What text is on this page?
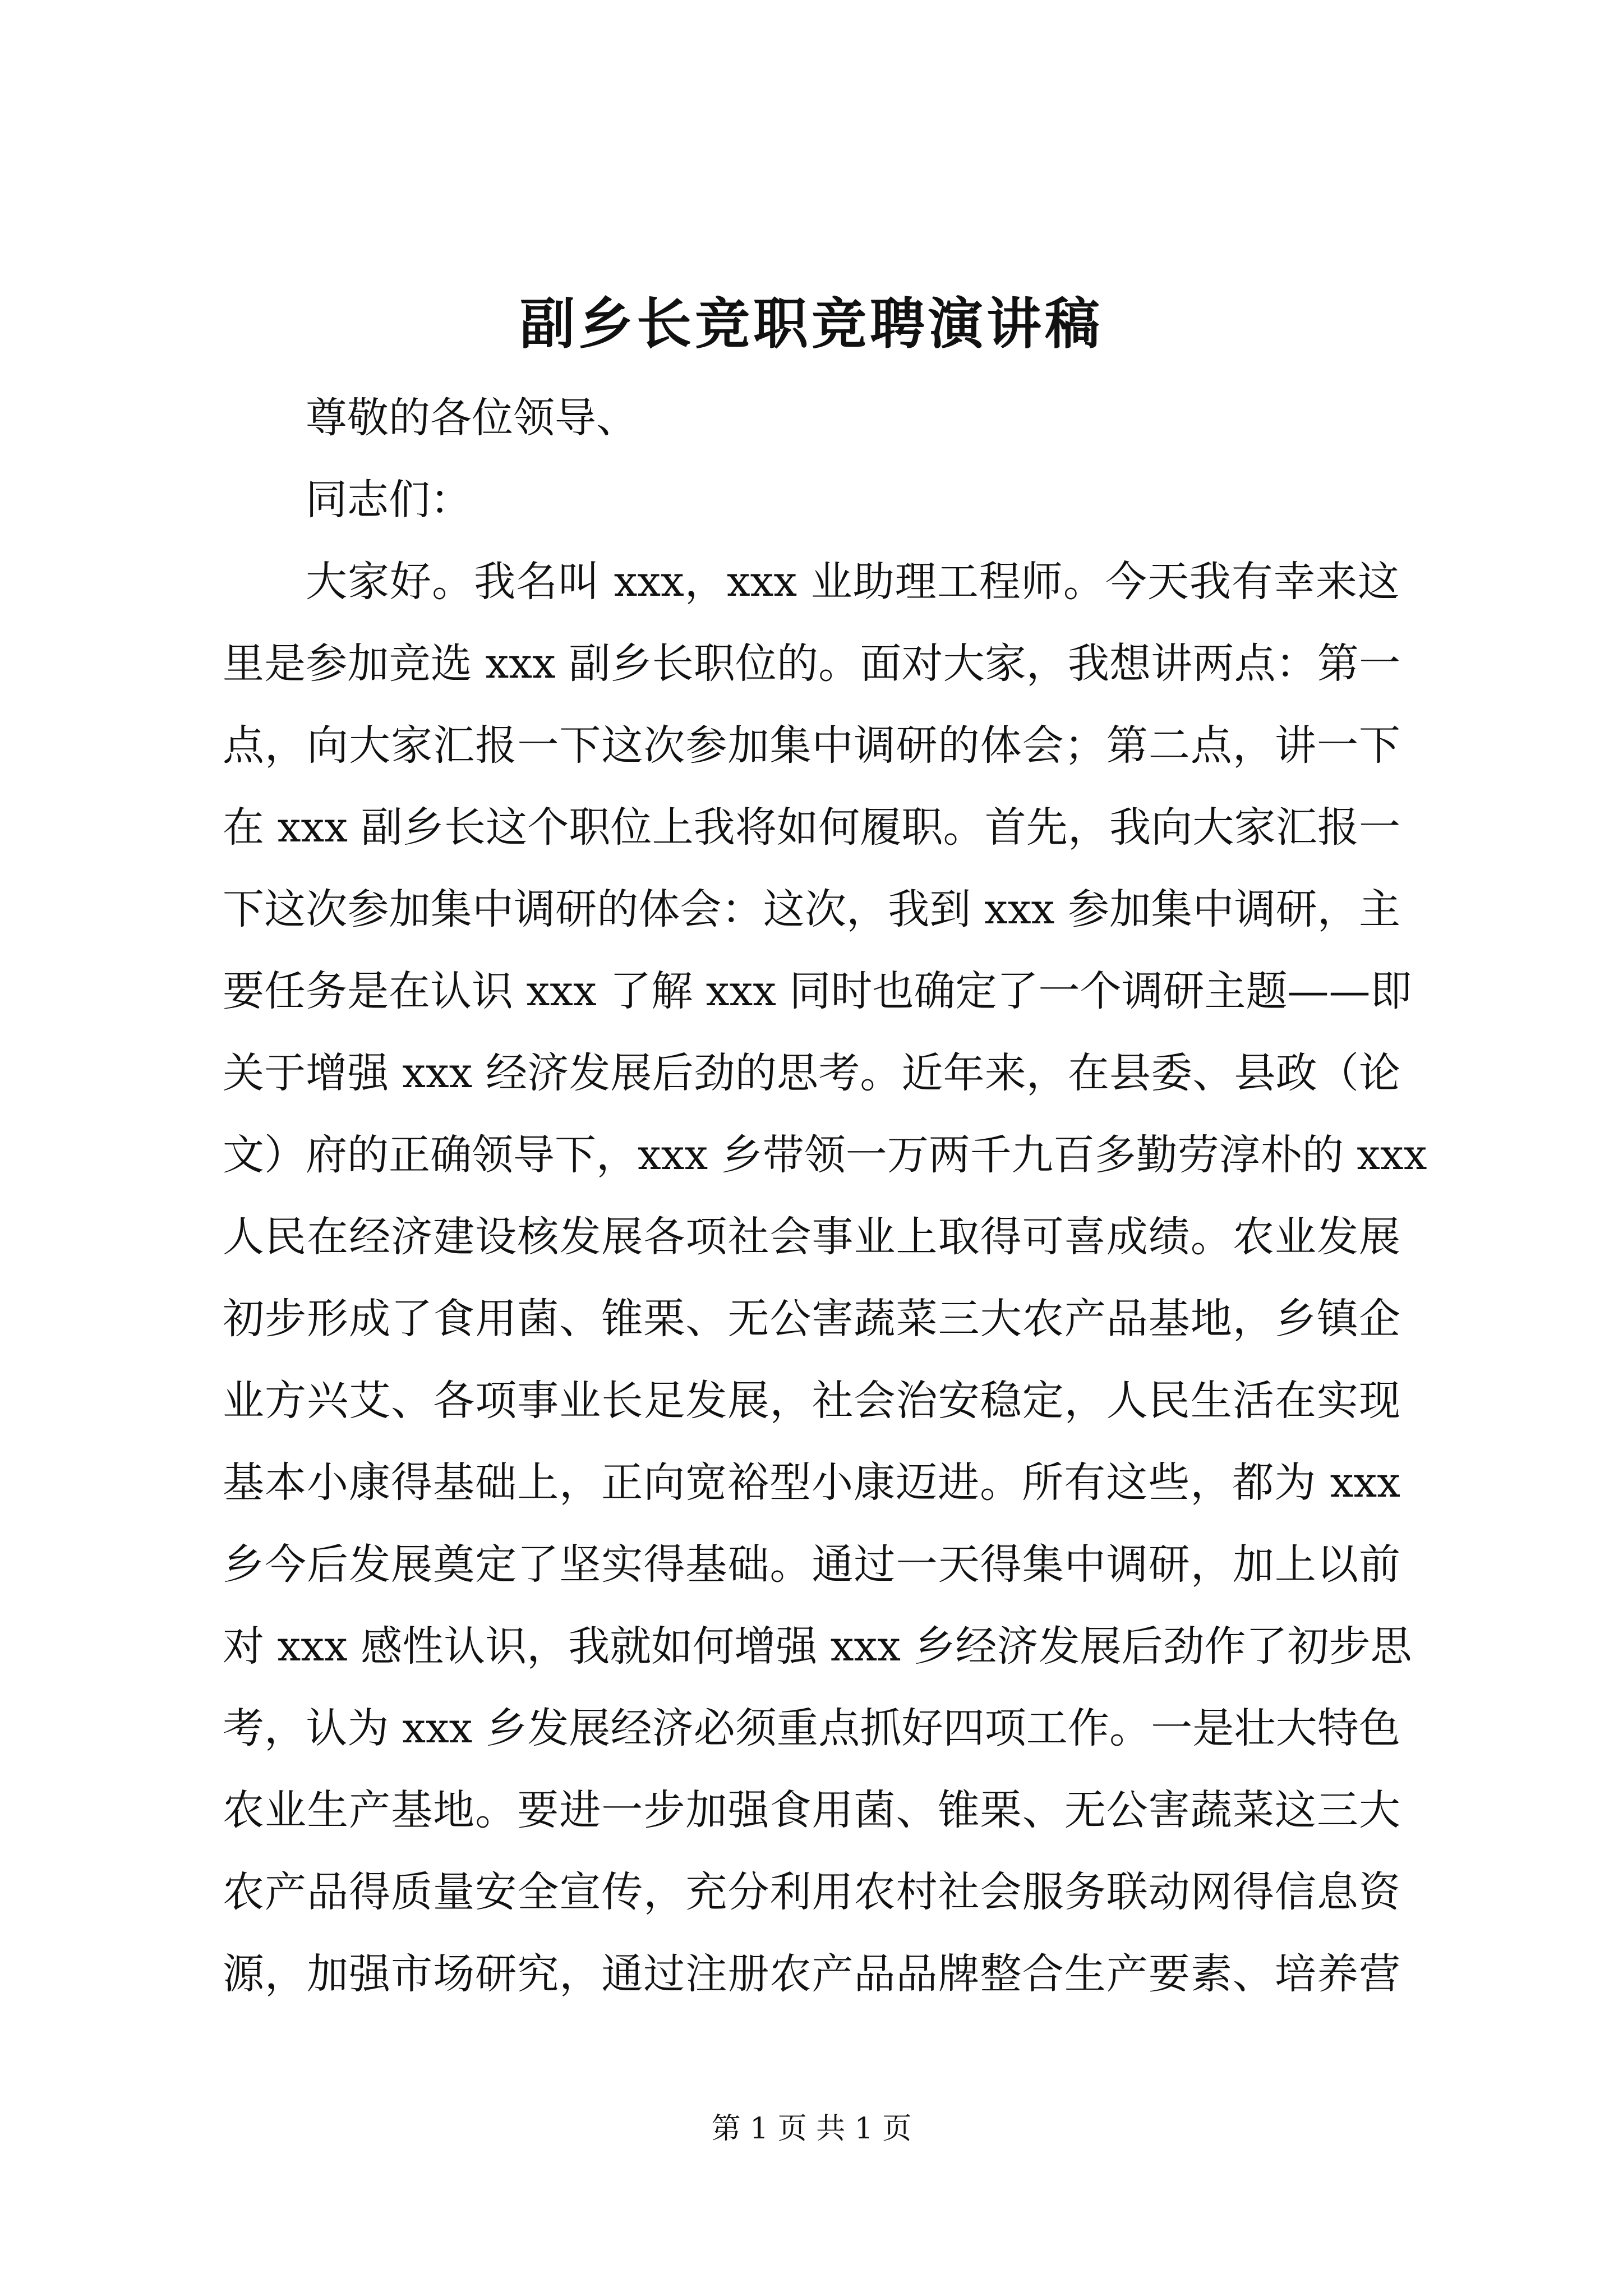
副乡长竞职竞聘演讲稿

尊敬的各位领导、

同志们：

大家好。我名叫 xxx，xxx 业助理工程师。今天我有幸来这

里是参加竞选 xxx 副乡长职位的。面对大家，我想讲两点：第一

点，向大家汇报一下这次参加集中调研的体会；第二点，讲一下

在 xxx 副乡长这个职位上我将如何履职。首先，我向大家汇报一

下这次参加集中调研的体会：这次，我到 xxx 参加集中调研，主

要任务是在认识 xxx 了解 xxx 同时也确定了一个调研主题——即

关于增强 xxx 经济发展后劲的思考。近年来，在县委、县政（论

文）府的正确领导下，xxx 乡带领一万两千九百多勤劳淳朴的 xxx

人民在经济建设核发展各项社会事业上取得可喜成绩。农业发展

初步形成了食用菌、锥栗、无公害蔬菜三大农产品基地，乡镇企

业方兴艾、各项事业长足发展，社会治安稳定，人民生活在实现

基本小康得基础上，正向宽裕型小康迈进。所有这些，都为 xxx

乡今后发展奠定了坚实得基础。通过一天得集中调研，加上以前

对 xxx 感性认识，我就如何增强 xxx 乡经济发展后劲作了初步思

考，认为 xxx 乡发展经济必须重点抓好四项工作。一是壮大特色

农业生产基地。要进一步加强食用菌、锥栗、无公害蔬菜这三大

农产品得质量安全宣传，充分利用农村社会服务联动网得信息资

源，加强市场研究，通过注册农产品品牌整合生产要素、培养营

第 1 页 共 1 页
